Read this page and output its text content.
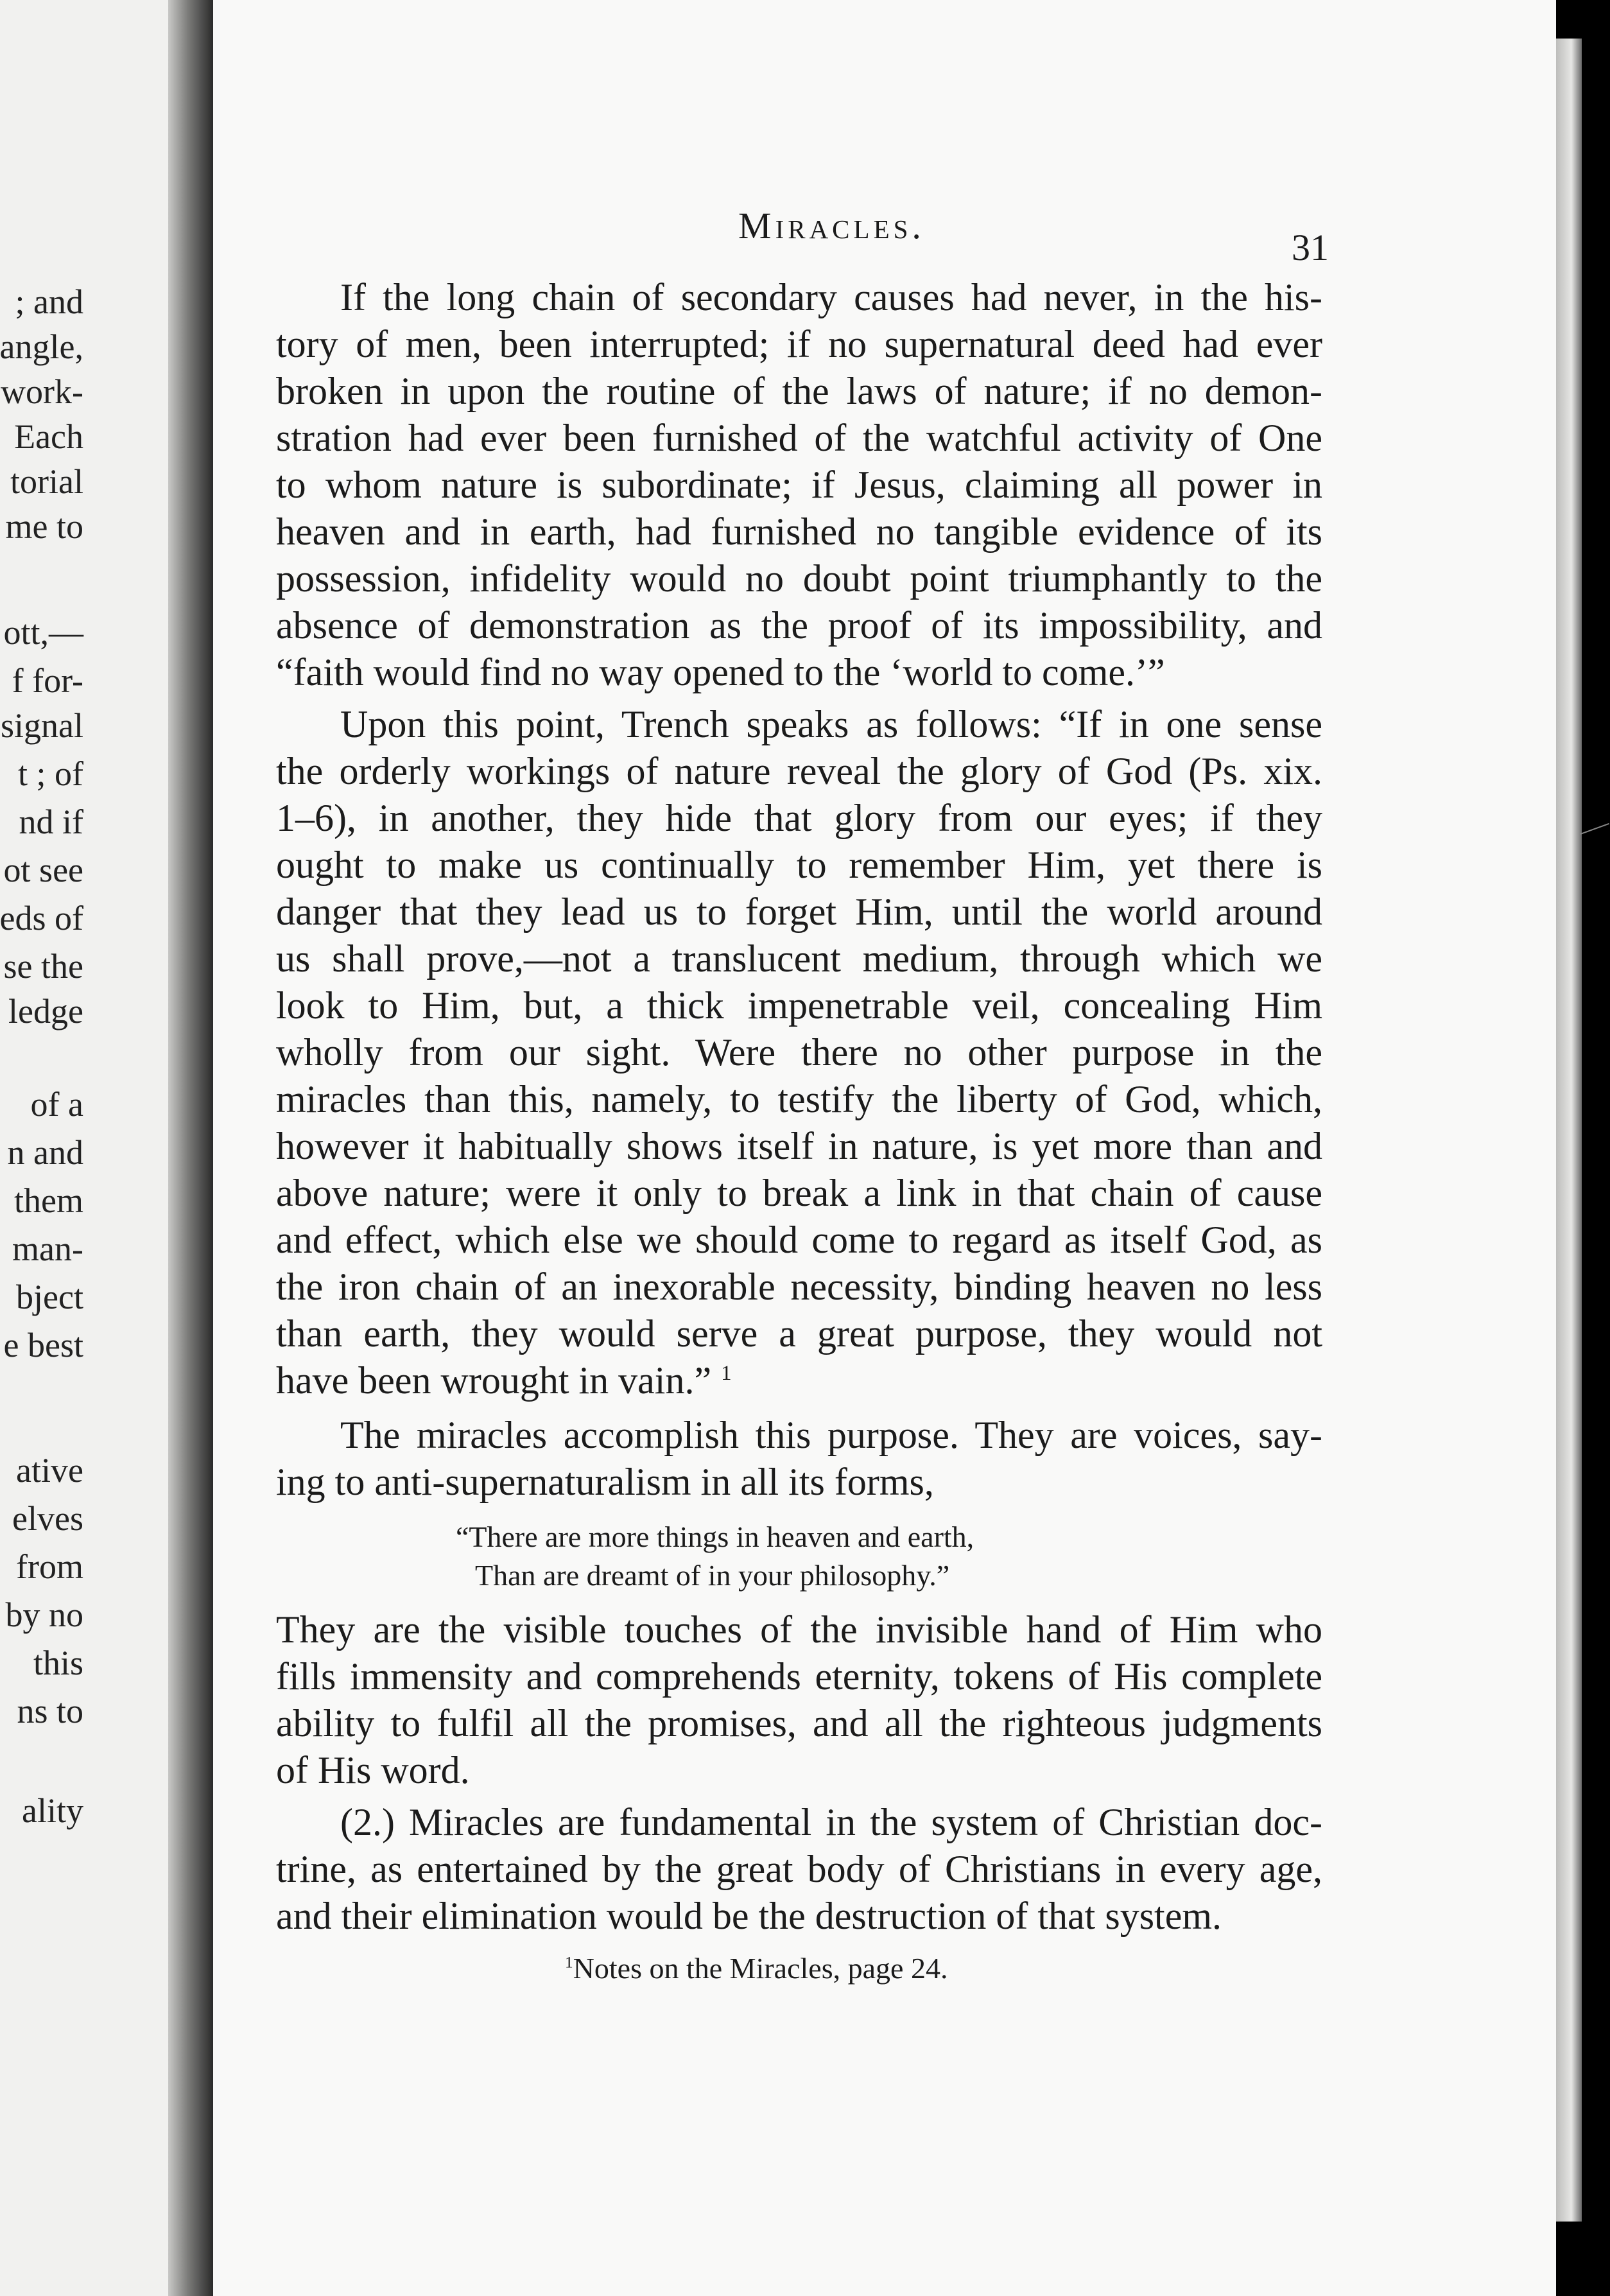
; and
angle,
work-
Each
torial
me to
ott,—
f for-
signal
t ; of
nd if
ot see
eds of
se the
ledge
of a
n and
them
man-
bject
e best
ative
elves
from
by no
this
ns to
ality
Miracles.
31
If the long chain of secondary causes had never, in the his-
tory of men, been interrupted; if no supernatural deed had ever
broken in upon the routine of the laws of nature; if no demon-
stration had ever been furnished of the watchful activity of One
to whom nature is subordinate; if Jesus, claiming all power in
heaven and in earth, had furnished no tangible evidence of its
possession, infidelity would no doubt point triumphantly to the
absence of demonstration as the proof of its impossibility, and
“faith would find no way opened to the ‘world to come.’”
Upon this point, Trench speaks as follows: “If in one sense
the orderly workings of nature reveal the glory of God (Ps. xix.
1–6), in another, they hide that glory from our eyes; if they
ought to make us continually to remember Him, yet there is
danger that they lead us to forget Him, until the world around
us shall prove,—not a translucent medium, through which we
look to Him, but, a thick impenetrable veil, concealing Him
wholly from our sight. Were there no other purpose in the
miracles than this, namely, to testify the liberty of God, which,
however it habitually shows itself in nature, is yet more than and
above nature; were it only to break a link in that chain of cause
and effect, which else we should come to regard as itself God, as
the iron chain of an inexorable necessity, binding heaven no less
than earth, they would serve a great purpose, they would not
have been wrought in vain.” $^1$
The miracles accomplish this purpose. They are voices, say-
ing to anti-supernaturalism in all its forms,
“There are more things in heaven and earth,
Than are dreamt of in your philosophy.”
They are the visible touches of the invisible hand of Him who
fills immensity and comprehends eternity, tokens of His complete
ability to fulfil all the promises, and all the righteous judgments
of His word.
(2.) Miracles are fundamental in the system of Christian doc-
trine, as entertained by the great body of Christians in every age,
and their elimination would be the destruction of that system.
$^1$Notes on the Miracles, page 24.
